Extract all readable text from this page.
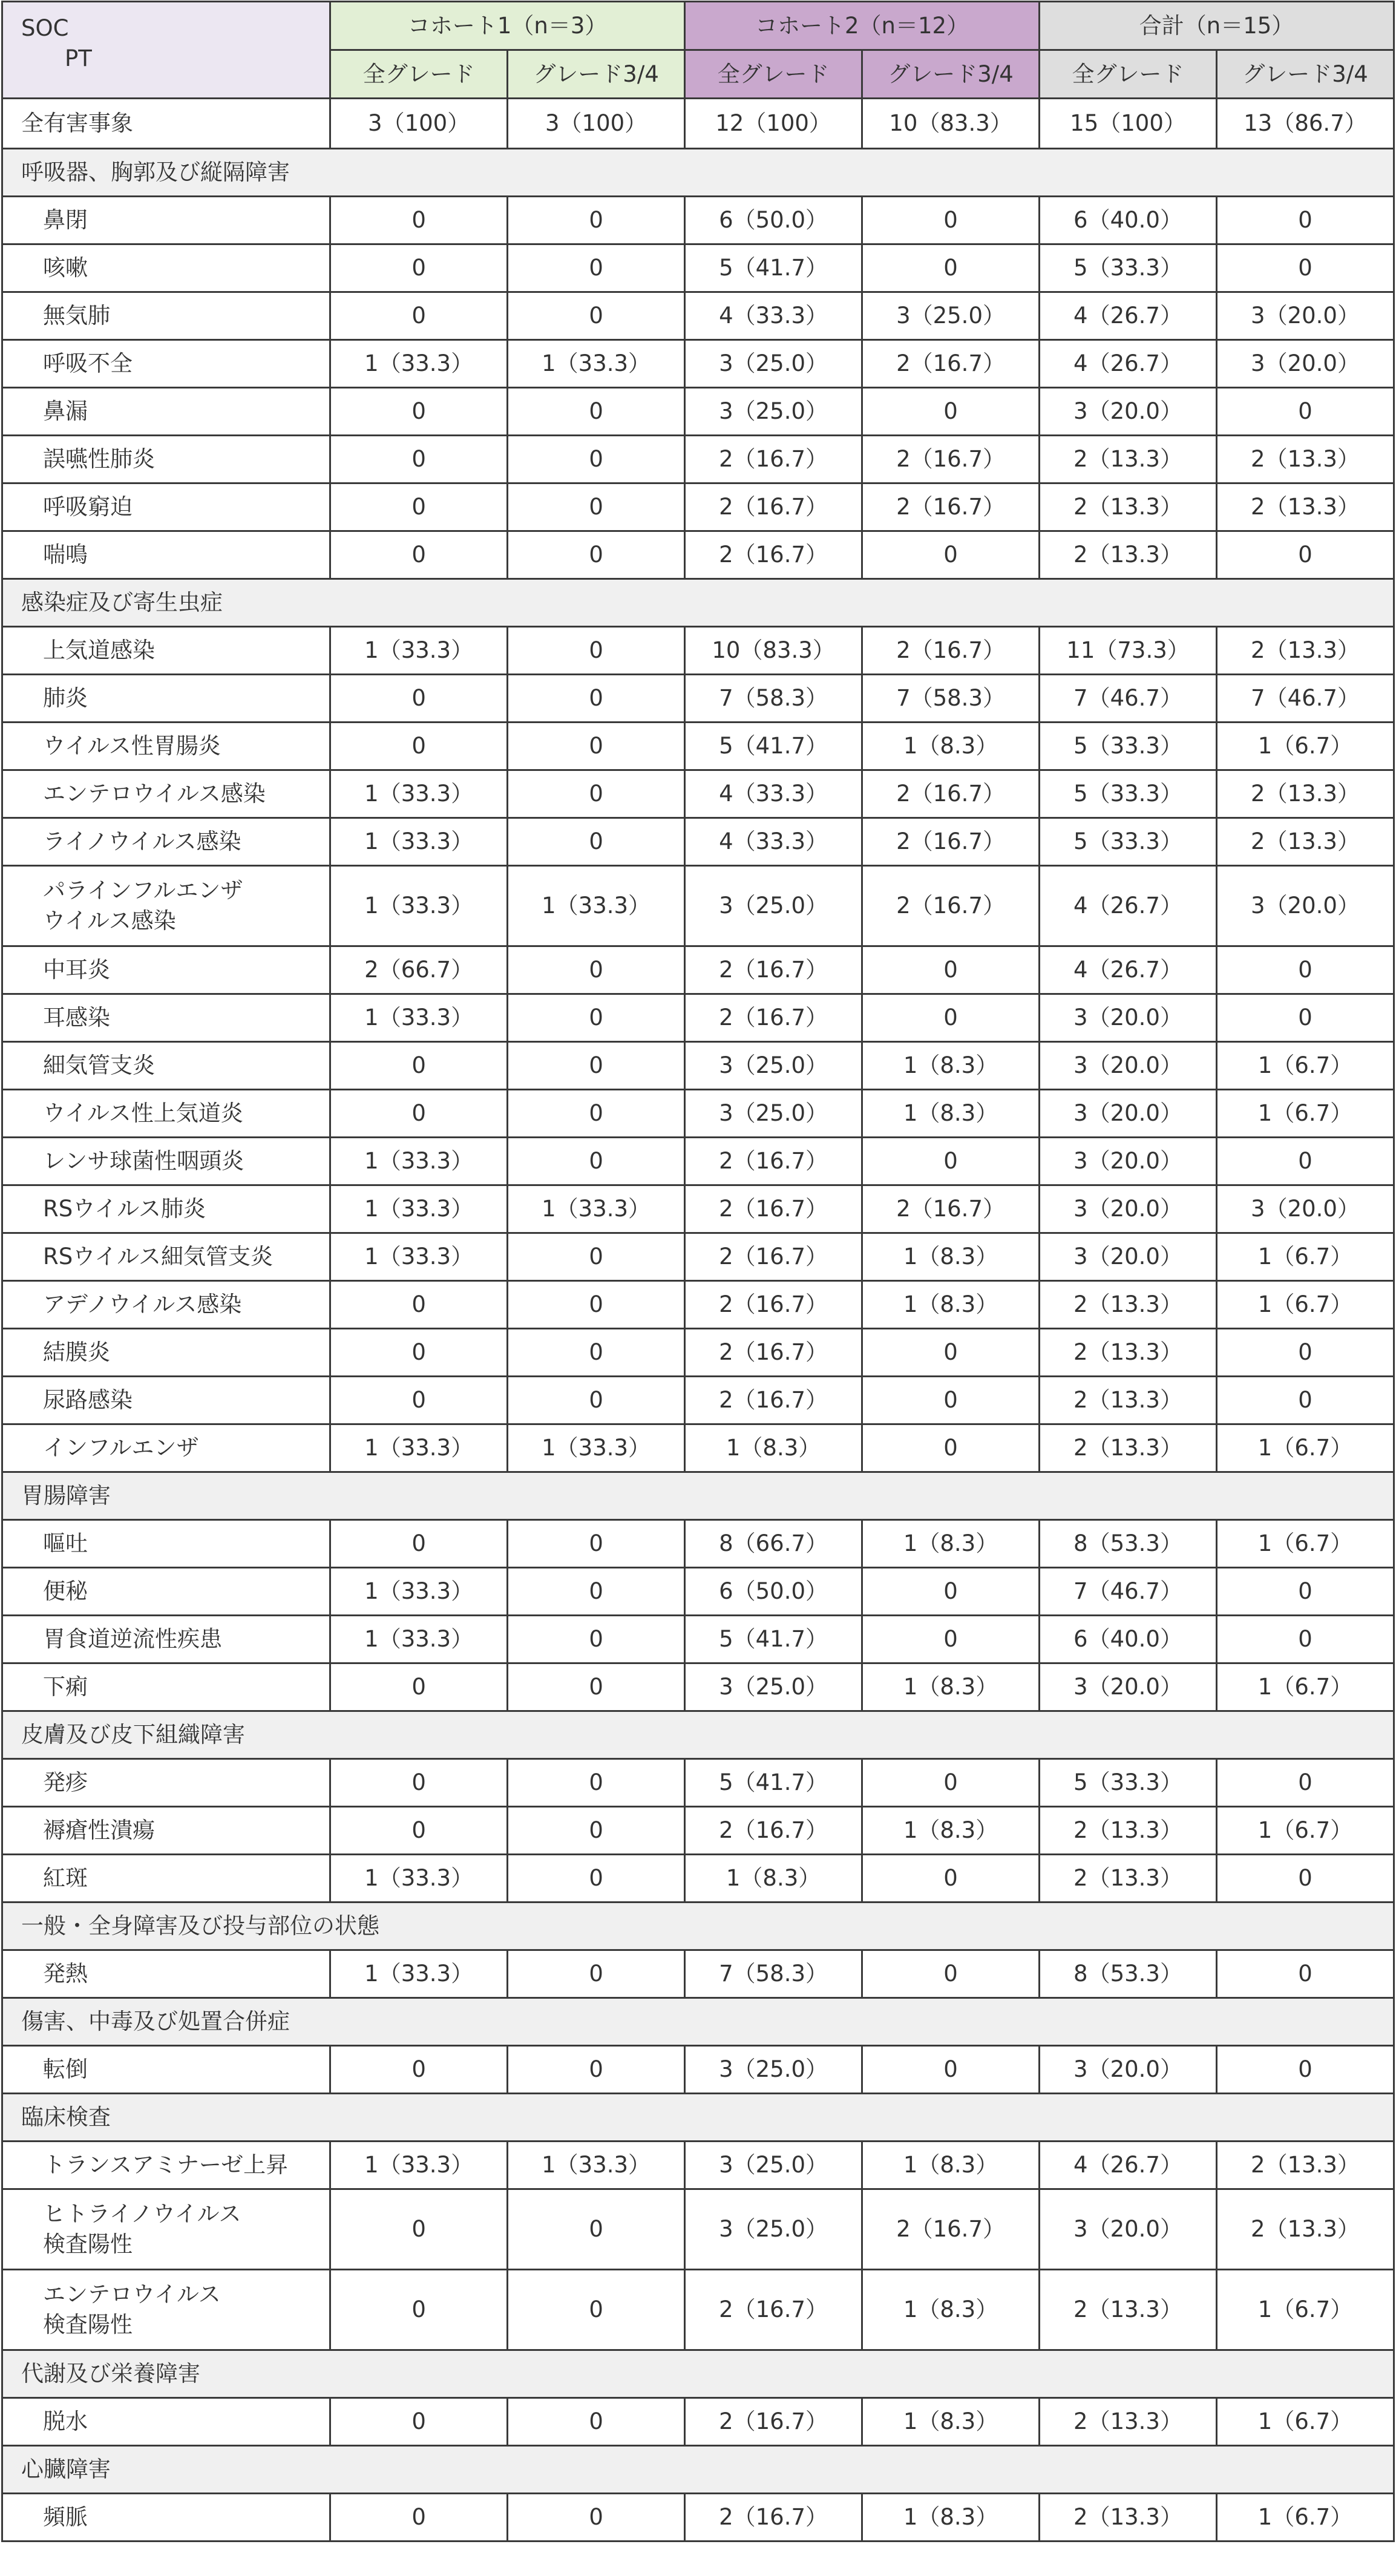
SOC
PT	コホート1（n＝3）		コホート2（n＝12）		合計（n＝15）	
	全グレード	グレード3/4	全グレード	グレード3/4	全グレード	グレード3/4
全有害事象	3（100）	3（100）	12（100）	10（83.3）	15（100）	13（86.7）
呼吸器、胸郭及び縦隔障害						
鼻閉	0	0	6（50.0）	0	6（40.0）	0
咳嗽	0	0	5（41.7）	0	5（33.3）	0
無気肺	0	0	4（33.3）	3（25.0）	4（26.7）	3（20.0）
呼吸不全	1（33.3）	1（33.3）	3（25.0）	2（16.7）	4（26.7）	3（20.0）
鼻漏	0	0	3（25.0）	0	3（20.0）	0
誤嚥性肺炎	0	0	2（16.7）	2（16.7）	2（13.3）	2（13.3）
呼吸窮迫	0	0	2（16.7）	2（16.7）	2（13.3）	2（13.3）
喘鳴	0	0	2（16.7）	0	2（13.3）	0
感染症及び寄生虫症						
上気道感染	1（33.3）	0	10（83.3）	2（16.7）	11（73.3）	2（13.3）
肺炎	0	0	7（58.3）	7（58.3）	7（46.7）	7（46.7）
ウイルス性胃腸炎	0	0	5（41.7）	1（8.3）	5（33.3）	1（6.7）
エンテロウイルス感染	1（33.3）	0	4（33.3）	2（16.7）	5（33.3）	2（13.3）
ライノウイルス感染	1（33.3）	0	4（33.3）	2（16.7）	5（33.3）	2（13.3）
パラインフルエンザ
ウイルス感染	1（33.3）	1（33.3）	3（25.0）	2（16.7）	4（26.7）	3（20.0）
中耳炎	2（66.7）	0	2（16.7）	0	4（26.7）	0
耳感染	1（33.3）	0	2（16.7）	0	3（20.0）	0
細気管支炎	0	0	3（25.0）	1（8.3）	3（20.0）	1（6.7）
ウイルス性上気道炎	0	0	3（25.0）	1（8.3）	3（20.0）	1（6.7）
レンサ球菌性咽頭炎	1（33.3）	0	2（16.7）	0	3（20.0）	0
RSウイルス肺炎	1（33.3）	1（33.3）	2（16.7）	2（16.7）	3（20.0）	3（20.0）
RSウイルス細気管支炎	1（33.3）	0	2（16.7）	1（8.3）	3（20.0）	1（6.7）
アデノウイルス感染	0	0	2（16.7）	1（8.3）	2（13.3）	1（6.7）
結膜炎	0	0	2（16.7）	0	2（13.3）	0
尿路感染	0	0	2（16.7）	0	2（13.3）	0
インフルエンザ	1（33.3）	1（33.3）	1（8.3）	0	2（13.3）	1（6.7）
胃腸障害						
嘔吐	0	0	8（66.7）	1（8.3）	8（53.3）	1（6.7）
便秘	1（33.3）	0	6（50.0）	0	7（46.7）	0
胃食道逆流性疾患	1（33.3）	0	5（41.7）	0	6（40.0）	0
下痢	0	0	3（25.0）	1（8.3）	3（20.0）	1（6.7）
皮膚及び皮下組織障害						
発疹	0	0	5（41.7）	0	5（33.3）	0
褥瘡性潰瘍	0	0	2（16.7）	1（8.3）	2（13.3）	1（6.7）
紅斑	1（33.3）	0	1（8.3）	0	2（13.3）	0
一般・全身障害及び投与部位の状態						
発熱	1（33.3）	0	7（58.3）	0	8（53.3）	0
傷害、中毒及び処置合併症						
転倒	0	0	3（25.0）	0	3（20.0）	0
臨床検査						
トランスアミナーゼ上昇	1（33.3）	1（33.3）	3（25.0）	1（8.3）	4（26.7）	2（13.3）
ヒトライノウイルス
検査陽性	0	0	3（25.0）	2（16.7）	3（20.0）	2（13.3）
エンテロウイルス
検査陽性	0	0	2（16.7）	1（8.3）	2（13.3）	1（6.7）
代謝及び栄養障害						
脱水	0	0	2（16.7）	1（8.3）	2（13.3）	1（6.7）
心臓障害						
頻脈	0	0	2（16.7）	1（8.3）	2（13.3）	1（6.7）
